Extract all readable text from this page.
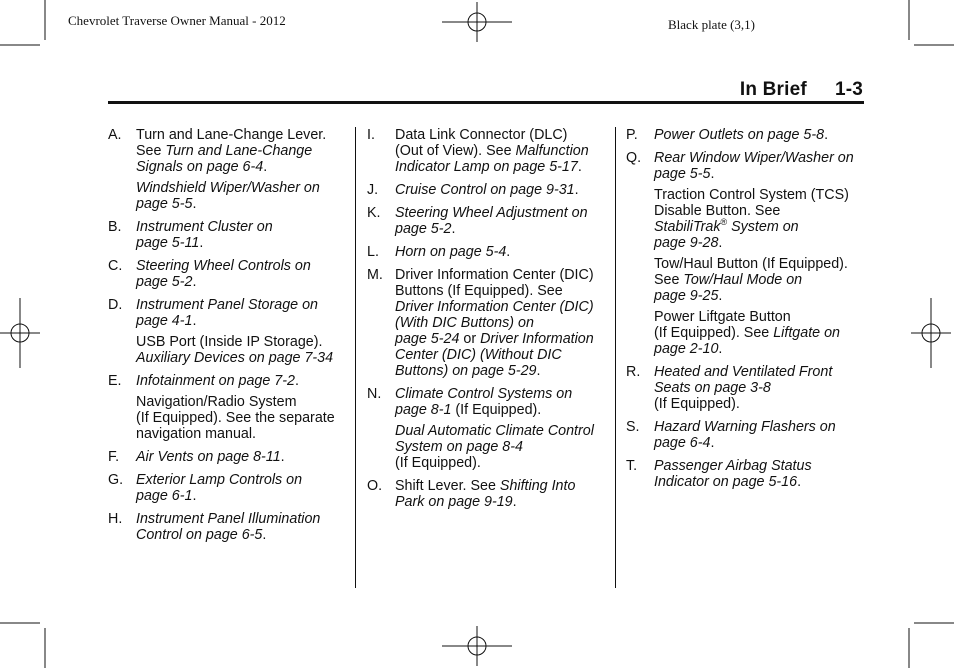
Chevrolet Traverse Owner Manual - 2012	Black plate (3,1)
In Brief 1-3
A. Turn and Lane-Change Lever.
See Turn and Lane-Change
Signals on page 6-4.
Windshield Wiper/Washer on
page 5-5.
B. Instrument Cluster on
page 5-11.
C. Steering Wheel Controls on
page 5-2.
D. Instrument Panel Storage on
page 4-1.
USB Port (Inside IP Storage).
Auxiliary Devices on page 7-34
E. Infotainment on page 7-2.
Navigation/Radio System
(If Equipped). See the separate
navigation manual.
F. Air Vents on page 8-11.
G. Exterior Lamp Controls on
page 6-1.
H. Instrument Panel Illumination
Control on page 6-5.
I. Data Link Connector (DLC)
(Out of View). See Malfunction
Indicator Lamp on page 5-17.
J. Cruise Control on page 9-31.
K. Steering Wheel Adjustment on
page 5-2.
L. Horn on page 5-4.
M. Driver Information Center (DIC)
Buttons (If Equipped). See
Driver Information Center (DIC)
(With DIC Buttons) on
page 5-24 or Driver Information
Center (DIC) (Without DIC
Buttons) on page 5-29.
N. Climate Control Systems on
page 8-1 (If Equipped).
Dual Automatic Climate Control
System on page 8-4
(If Equipped).
O. Shift Lever. See Shifting Into
Park on page 9-19.
P. Power Outlets on page 5-8.
Q. Rear Window Wiper/Washer on
page 5-5.
Traction Control System (TCS)
Disable Button. See
StabiliTrak® System on
page 9-28.
Tow/Haul Button (If Equipped).
See Tow/Haul Mode on
page 9-25.
Power Liftgate Button
(If Equipped). See Liftgate on
page 2-10.
R. Heated and Ventilated Front
Seats on page 3-8
(If Equipped).
S. Hazard Warning Flashers on
page 6-4.
T. Passenger Airbag Status
Indicator on page 5-16.
